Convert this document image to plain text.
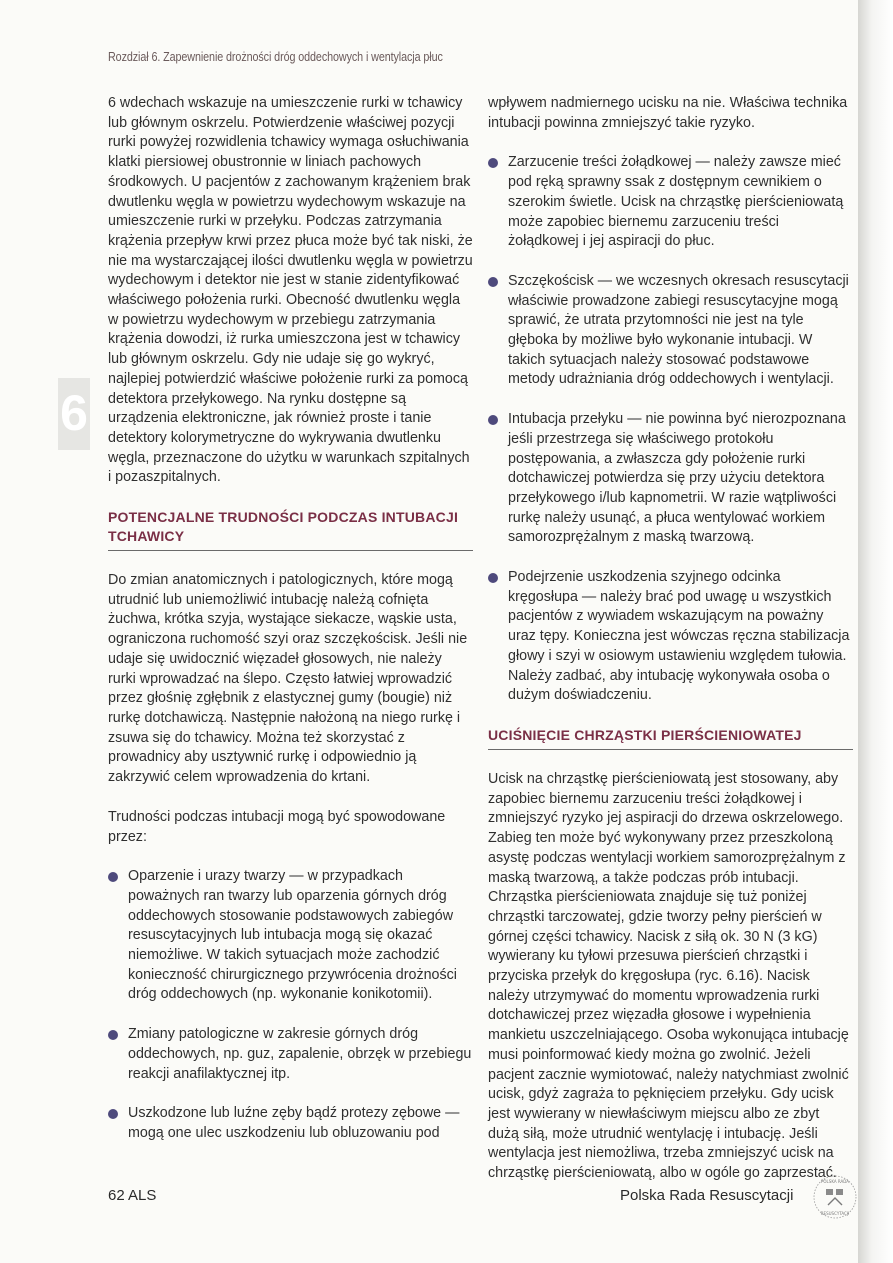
Rozdział 6. Zapewnienie drożności dróg oddechowych i wentylacja płuc
6

6 wdechach wskazuje na umieszczenie rurki w tchawicy lub głównym oskrzelu. Potwierdzenie właściwej pozycji rurki powyżej rozwidlenia tchawicy wymaga osłuchiwania klatki piersiowej obustronnie w liniach pachowych środkowych. U pacjentów z zachowanym krążeniem brak dwutlenku węgla w powietrzu wydechowym wskazuje na umieszczenie rurki w przełyku. Podczas zatrzymania krążenia przepływ krwi przez płuca może być tak niski, że nie ma wystarczającej ilości dwutlenku węgla w powietrzu wydechowym i detektor nie jest w stanie zidentyfikować właściwego położenia rurki. Obecność dwutlenku węgla w powietrzu wydechowym w przebiegu zatrzymania krążenia dowodzi, iż rurka umieszczona jest w tchawicy lub głównym oskrzelu. Gdy nie udaje się go wykryć, najlepiej potwierdzić właściwe położenie rurki za pomocą detektora przełykowego. Na rynku dostępne są urządzenia elektroniczne, jak również proste i tanie detektory kolorymetryczne do wykrywania dwutlenku węgla, przeznaczone do użytku w warunkach szpitalnych i pozaszpitalnych.

POTENCJALNE TRUDNOŚCI PODCZAS INTUBACJI TCHAWICY

Do zmian anatomicznych i patologicznych, które mogą utrudnić lub uniemożliwić intubację należą cofnięta żuchwa, krótka szyja, wystające siekacze, wąskie usta, ograniczona ruchomość szyi oraz szczękościsk. Jeśli nie udaje się uwidocznić więzadeł głosowych, nie należy rurki wprowadzać na ślepo. Często łatwiej wprowadzić przez głośnię zgłębnik z elastycznej gumy (bougie) niż rurkę dotchawiczą. Następnie nałożoną na niego rurkę i zsuwa się do tchawicy. Można też skorzystać z prowadnicy aby usztywnić rurkę i odpowiednio ją zakrzywić celem wprowadzenia do krtani.

Trudności podczas intubacji mogą być spowodowane przez:

Oparzenie i urazy twarzy — w przypadkach poważnych ran twarzy lub oparzenia górnych dróg oddechowych stosowanie podstawowych zabiegów resuscytacyjnych lub intubacja mogą się okazać niemożliwe. W takich sytuacjach może zachodzić konieczność chirurgicznego przywrócenia drożności dróg oddechowych (np. wykonanie konikotomii).
Zmiany patologiczne w zakresie górnych dróg oddechowych, np. guz, zapalenie, obrzęk w przebiegu reakcji anafilaktycznej itp.
Uszkodzone lub luźne zęby bądź protezy zębowe — mogą one ulec uszkodzeniu lub obluzowaniu pod

wpływem nadmiernego ucisku na nie. Właściwa technika intubacji powinna zmniejszyć takie ryzyko.

Zarzucenie treści żołądkowej — należy zawsze mieć pod ręką sprawny ssak z dostępnym cewnikiem o szerokim świetle. Ucisk na chrząstkę pierścieniowatą może zapobiec biernemu zarzuceniu treści żołądkowej i jej aspiracji do płuc.
Szczękościsk — we wczesnych okresach resuscytacji właściwie prowadzone zabiegi resuscytacyjne mogą sprawić, że utrata przytomności nie jest na tyle głęboka by możliwe było wykonanie intubacji. W takich sytuacjach należy stosować podstawowe metody udrażniania dróg oddechowych i wentylacji.
Intubacja przełyku — nie powinna być nierozpoznana jeśli przestrzega się właściwego protokołu postępowania, a zwłaszcza gdy położenie rurki dotchawiczej potwierdza się przy użyciu detektora przełykowego i/lub kapnometrii. W razie wątpliwości rurkę należy usunąć, a płuca wentylować workiem samorozprężalnym z maską twarzową.
Podejrzenie uszkodzenia szyjnego odcinka kręgosłupa — należy brać pod uwagę u wszystkich pacjentów z wywiadem wskazującym na poważny uraz tępy. Konieczna jest wówczas ręczna stabilizacja głowy i szyi w osiowym ustawieniu względem tułowia. Należy zadbać, aby intubację wykonywała osoba o dużym doświadczeniu.
UCIŚNIĘCIE CHRZĄSTKI PIERŚCIENIOWATEJ

Ucisk na chrząstkę pierścieniowatą jest stosowany, aby zapobiec biernemu zarzuceniu treści żołądkowej i zmniejszyć ryzyko jej aspiracji do drzewa oskrzelowego. Zabieg ten może być wykonywany przez przeszkoloną asystę podczas wentylacji workiem samorozprężalnym z maską twarzową, a także podczas prób intubacji. Chrząstka pierścieniowata znajduje się tuż poniżej chrząstki tarczowatej, gdzie tworzy pełny pierścień w górnej części tchawicy. Nacisk z siłą ok. 30 N (3 kG) wywierany ku tyłowi przesuwa pierścień chrząstki i przyciska przełyk do kręgosłupa (ryc. 6.16). Nacisk należy utrzymywać do momentu wprowadzenia rurki dotchawiczej przez więzadła głosowe i wypełnienia mankietu uszczelniającego. Osoba wykonująca intubację musi poinformować kiedy można go zwolnić. Jeżeli pacjent zacznie wymiotować, należy natychmiast zwolnić ucisk, gdyż zagraża to pęknięciem przełyku. Gdy ucisk jest wywierany w niewłaściwym miejscu albo ze zbyt dużą siłą, może utrudnić wentylację i intubację. Jeśli wentylacja jest niemożliwa, trzeba zmniejszyć ucisk na chrząstkę pierścieniowatą, albo w ogóle go zaprzestać.

62 ALS	Polska Rada Resuscytacji
POLSKA RADA
RESUSCYTACJI
